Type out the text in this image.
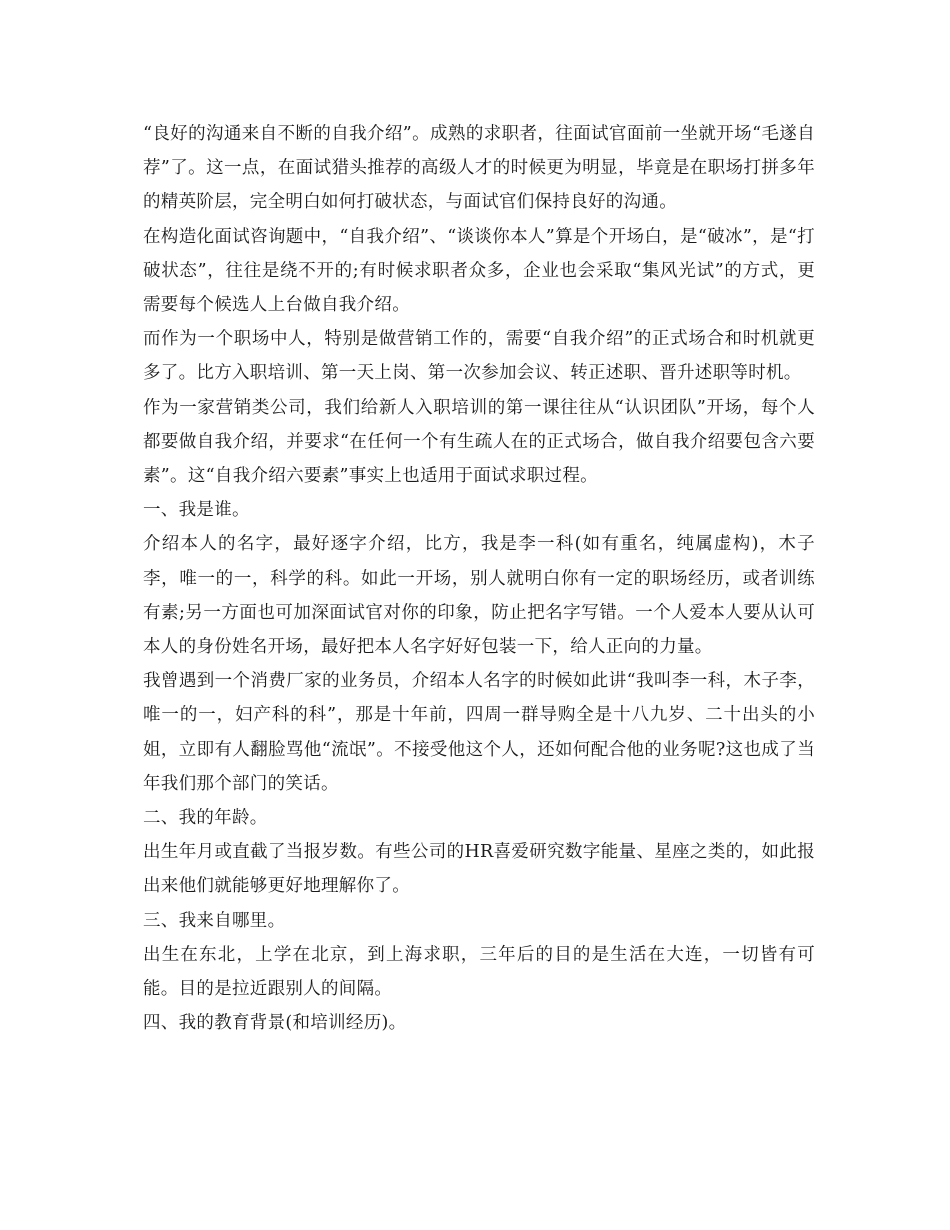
“良好的沟通来自不断的自我介绍”。成熟的求职者，往面试官面前一坐就开场“毛遂自荐”了。这一点，在面试猎头推荐的高级人才的时候更为明显，毕竟是在职场打拼多年的精英阶层，完全明白如何打破状态，与面试官们保持良好的沟通。

在构造化面试咨询题中，“自我介绍”、“谈谈你本人”算是个开场白，是“破冰”，是“打破状态”，往往是绕不开的;有时候求职者众多，企业也会采取“集风光试”的方式，更需要每个候选人上台做自我介绍。

而作为一个职场中人，特别是做营销工作的，需要“自我介绍”的正式场合和时机就更多了。比方入职培训、第一天上岗、第一次参加会议、转正述职、晋升述职等时机。

作为一家营销类公司，我们给新人入职培训的第一课往往从“认识团队”开场，每个人都要做自我介绍，并要求“在任何一个有生疏人在的正式场合，做自我介绍要包含六要素”。这“自我介绍六要素”事实上也适用于面试求职过程。

一、我是谁。

介绍本人的名字，最好逐字介绍，比方，我是李一科(如有重名，纯属虚构)，木子李，唯一的一，科学的科。如此一开场，别人就明白你有一定的职场经历，或者训练有素;另一方面也可加深面试官对你的印象，防止把名字写错。一个人爱本人要从认可本人的身份姓名开场，最好把本人名字好好包装一下，给人正向的力量。

我曾遇到一个消费厂家的业务员，介绍本人名字的时候如此讲“我叫李一科，木子李，唯一的一，妇产科的科”，那是十年前，四周一群导购全是十八九岁、二十出头的小姐，立即有人翻脸骂他“流氓”。不接受他这个人，还如何配合他的业务呢?这也成了当年我们那个部门的笑话。

二、我的年龄。

出生年月或直截了当报岁数。有些公司的HR喜爱研究数字能量、星座之类的，如此报出来他们就能够更好地理解你了。

三、我来自哪里。

出生在东北，上学在北京，到上海求职，三年后的目的是生活在大连，一切皆有可能。目的是拉近跟别人的间隔。

四、我的教育背景(和培训经历)。
